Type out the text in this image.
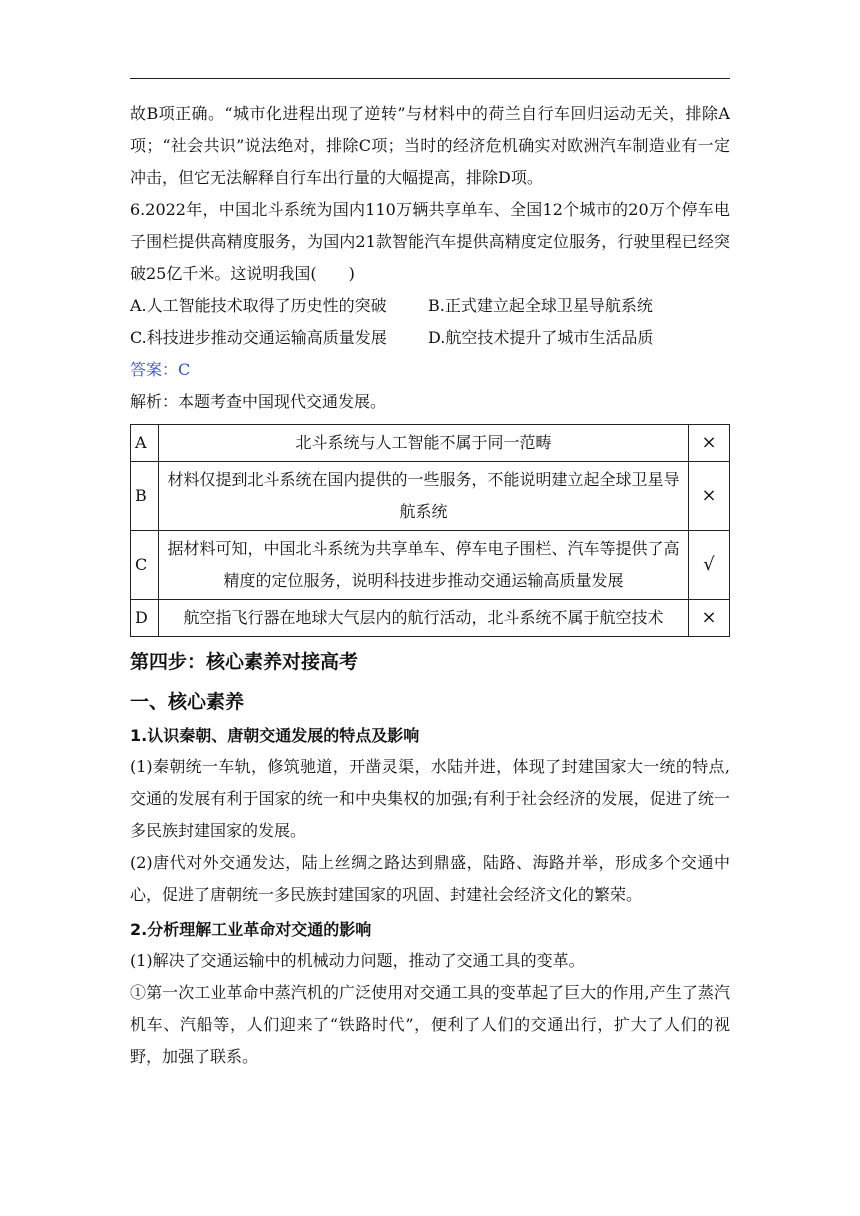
故B项正确。“城市化进程出现了逆转”与材料中的荷兰自行车回归运动无关，排除A项；“社会共识”说法绝对，排除C项；当时的经济危机确实对欧洲汽车制造业有一定冲击，但它无法解释自行车出行量的大幅提高，排除D项。

6.2022年，中国北斗系统为国内110万辆共享单车、全国12个城市的20万个停车电子围栏提供高精度服务，为国内21款智能汽车提供高精度定位服务，行驶里程已经突破25亿千米。这说明我国(　　)

A.人工智能技术取得了历史性的突破	B.正式建立起全球卫星导航系统
C.科技进步推动交通运输高质量发展	D.航空技术提升了城市生活品质

答案：C

解析：本题考查中国现代交通发展。

A	北斗系统与人工智能不属于同一范畴	×
B	材料仅提到北斗系统在国内提供的一些服务，不能说明建立起全球卫星导航系统	×
C	据材料可知，中国北斗系统为共享单车、停车电子围栏、汽车等提供了高精度的定位服务，说明科技进步推动交通运输高质量发展	√
D	航空指飞行器在地球大气层内的航行活动，北斗系统不属于航空技术	×
第四步：核心素养对接高考
一、核心素养
1.认识秦朝、唐朝交通发展的特点及影响

(1)秦朝统一车轨，修筑驰道，开凿灵渠，水陆并进，体现了封建国家大一统的特点,交通的发展有利于国家的统一和中央集权的加强;有利于社会经济的发展，促进了统一多民族封建国家的发展。

(2)唐代对外交通发达，陆上丝绸之路达到鼎盛，陆路、海路并举，形成多个交通中心，促进了唐朝统一多民族封建国家的巩固、封建社会经济文化的繁荣。

2.分析理解工业革命对交通的影响

(1)解决了交通运输中的机械动力问题，推动了交通工具的变革。

①第一次工业革命中蒸汽机的广泛使用对交通工具的变革起了巨大的作用,产生了蒸汽机车、汽船等，人们迎来了“铁路时代”，便利了人们的交通出行，扩大了人们的视野，加强了联系。
